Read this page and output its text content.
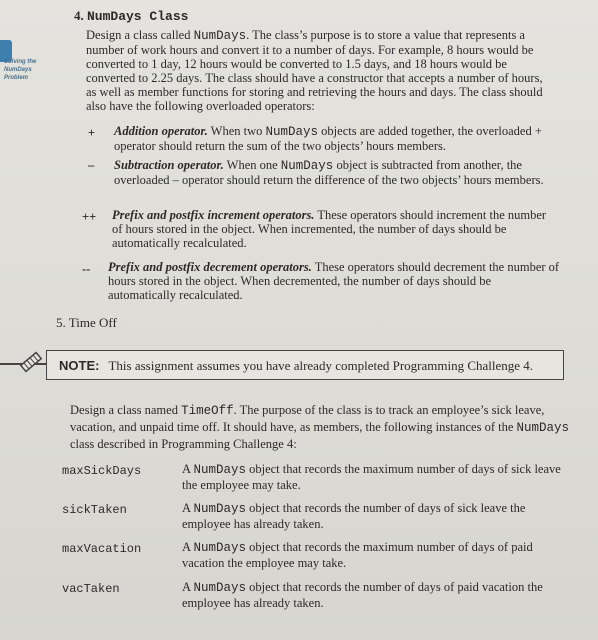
Solving the NumDays Problem
4. NumDays Class
Design a class called NumDays. The class’s purpose is to store a value that represents a number of work hours and convert it to a number of days. For example, 8 hours would be converted to 1 day, 12 hours would be converted to 1.5 days, and 18 hours would be converted to 2.25 days. The class should have a constructor that accepts a number of hours, as well as member functions for storing and retrieving the hours and days. The class should also have the following overloaded operators:
+ Addition operator. When two NumDays objects are added together, the overloaded + operator should return the sum of the two objects’ hours members.
– Subtraction operator. When one NumDays object is subtracted from another, the overloaded – operator should return the difference of the two objects’ hours members.
++ Prefix and postfix increment operators. These operators should increment the number of hours stored in the object. When incremented, the number of days should be automatically recalculated.
-- Prefix and postfix decrement operators. These operators should decrement the number of hours stored in the object. When decremented, the number of days should be automatically recalculated.
5. Time Off
NOTE: This assignment assumes you have already completed Programming Challenge 4.
Design a class named TimeOff. The purpose of the class is to track an employee’s sick leave, vacation, and unpaid time off. It should have, as members, the following instances of the NumDays class described in Programming Challenge 4:
maxSickDays	A NumDays object that records the maximum number of days of sick leave the employee may take.
sickTaken	A NumDays object that records the number of days of sick leave the employee has already taken.
maxVacation	A NumDays object that records the maximum number of days of paid vacation the employee may take.
vacTaken	A NumDays object that records the number of days of paid vacation the employee has already taken.
